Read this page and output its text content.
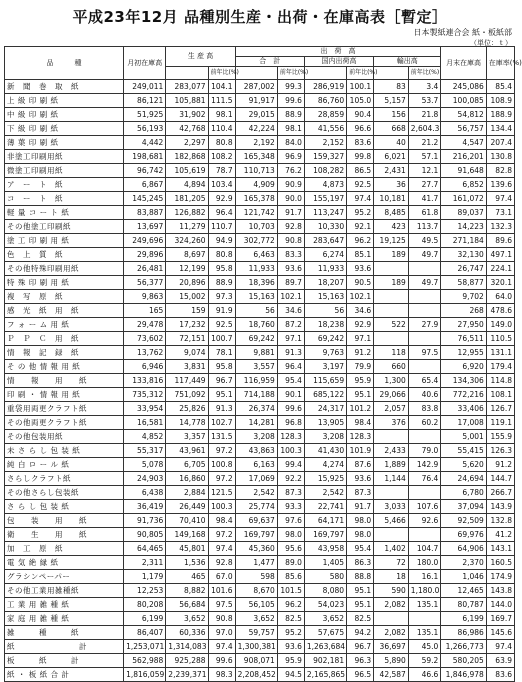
平成23年12月 品種別生産・出荷・在庫高表［暫定］
日本製紙連合会 紙・板紙部
（単位：ｔ）
品　　　種	月初在庫高	生 産 高		出　荷　高						月末在庫高	在庫率(%)
				合　計		国内出荷高		輸出高			
			前年比(%)		前年比(%)		前年比(%)		前年比(%)		
新　聞　巻　取　紙	249,011	283,077	104.1	287,002	99.3	286,919	100.1	83	3.4	245,086	85.4
上 級 印 刷 紙	86,121	105,881	111.5	91,917	99.6	86,760	105.0	5,157	53.7	100,085	108.9
中 級 印 刷 紙	51,925	31,902	98.1	29,015	88.9	28,859	90.4	156	21.8	54,812	188.9
下 級 印 刷 紙	56,193	42,768	110.4	42,224	98.1	41,556	96.6	668	2,604.3	56,757	134.4
薄 葉 印 刷 紙	4,442	2,297	80.8	2,192	84.0	2,152	83.6	40	21.2	4,547	207.4
非塗工印刷用紙	198,681	182,868	108.2	165,348	96.9	159,327	99.8	6,021	57.1	216,201	130.8
微塗工印刷用紙	96,742	105,619	78.7	110,713	76.2	108,282	86.5	2,431	12.1	91,648	82.8
ア　ー　ト　紙	6,867	4,894	103.4	4,909	90.9	4,873	92.5	36	27.7	6,852	139.6
コ　ー　ト　紙	145,245	181,205	92.9	165,378	90.0	155,197	97.4	10,181	41.7	161,072	97.4
軽 量 コ ー ト 紙	83,887	126,882	96.4	121,742	91.7	113,247	95.2	8,485	61.8	89,037	73.1
その他塗工印刷紙	13,697	11,279	110.7	10,703	92.8	10,330	92.1	423	113.7	14,223	132.3
塗 工 印 刷 用 紙	249,696	324,260	94.9	302,772	90.8	283,647	96.2	19,125	49.5	271,184	89.6
色　上　質　紙	29,896	8,697	80.8	6,463	83.3	6,274	85.1	189	49.7	32,130	497.1
その他特殊印刷用紙	26,481	12,199	95.8	11,933	93.6	11,933	93.6			26,747	224.1
特 殊 印 刷 用 紙	56,377	20,896	88.9	18,396	89.7	18,207	90.5	189	49.7	58,877	320.1
複　写　原　紙	9,863	15,002	97.3	15,163	102.1	15,163	102.1			9,702	64.0
感　光　紙　用　紙	165	159	91.9	56	34.6	56	34.6			268	478.6
フ ォ ー ム 用 紙	29,478	17,232	92.5	18,760	87.2	18,238	92.9	522	27.9	27,950	149.0
Ｐ　Ｐ　Ｃ　用　紙	73,602	72,151	100.7	69,242	97.1	69,242	97.1			76,511	110.5
情　報　記　録　紙	13,762	9,074	78.1	9,881	91.3	9,763	91.2	118	97.5	12,955	131.1
そ の 他 情 報 用 紙	6,946	3,831	95.8	3,557	96.4	3,197	79.9	660		6,920	179.4
情　　報　　用　　紙	133,816	117,449	96.7	116,959	95.4	115,659	95.9	1,300	65.4	134,306	114.8
印 刷 ・ 情 報 用 紙	735,312	751,092	95.1	714,188	90.1	685,122	95.1	29,066	40.6	772,216	108.1
重袋用両更クラフト紙	33,954	25,826	91.3	26,374	99.6	24,317	101.2	2,057	83.8	33,406	126.7
その他両更クラフト紙	16,581	14,778	102.7	14,281	96.8	13,905	98.4	376	60.2	17,008	119.1
その他包装用紙	4,852	3,357	131.5	3,208	128.3	3,208	128.3			5,001	155.9
未 さ ら し 包 装 紙	55,317	43,961	97.2	43,863	100.3	41,430	101.9	2,433	79.0	55,415	126.3
純 白 ロ ー ル 紙	5,078	6,705	100.8	6,163	99.4	4,274	87.6	1,889	142.9	5,620	91.2
さらしクラフト紙	24,903	16,860	97.2	17,069	92.2	15,925	93.6	1,144	76.4	24,694	144.7
その他さらし包装紙	6,438	2,884	121.5	2,542	87.3	2,542	87.3			6,780	266.7
さ ら し 包 装 紙	36,419	26,449	100.3	25,774	93.3	22,741	91.7	3,033	107.6	37,094	143.9
包　　装　　用　　紙	91,736	70,410	98.4	69,637	97.6	64,171	98.0	5,466	92.6	92,509	132.8
衛　　生　　用　　紙	90,805	149,168	97.2	169,797	98.0	169,797	98.0			69,976	41.2
加　工　原　紙	64,465	45,801	97.4	45,360	95.6	43,958	95.4	1,402	104.7	64,906	143.1
電 気 絶 縁 紙	2,311	1,536	92.8	1,477	89.0	1,405	86.3	72	180.0	2,370	160.5
グラシンペーパー	1,179	465	67.0	598	85.6	580	88.8	18	16.1	1,046	174.9
その他工業用雑種紙	12,253	8,882	101.6	8,670	101.5	8,080	95.1	590	1,180.0	12,465	143.8
工 業 用 雑 種 紙	80,208	56,684	97.5	56,105	96.2	54,023	95.1	2,082	135.1	80,787	144.0
家 庭 用 雑 種 紙	6,199	3,652	90.8	3,652	82.5	3,652	82.5			6,199	169.7
雑　　　種　　　紙	86,407	60,336	97.0	59,757	95.2	57,675	94.2	2,082	135.1	86,986	145.6
紙　　　　　　　　計	1,253,071	1,314,083	97.4	1,300,381	93.6	1,263,684	96.7	36,697	45.0	1,266,773	97.4
板　　　紙　　　計	562,988	925,288	99.6	908,071	95.9	902,181	96.3	5,890	59.2	580,205	63.9
紙 ・ 板 紙 合 計	1,816,059	2,239,371	98.3	2,208,452	94.5	2,165,865	96.5	42,587	46.6	1,846,978	83.6
